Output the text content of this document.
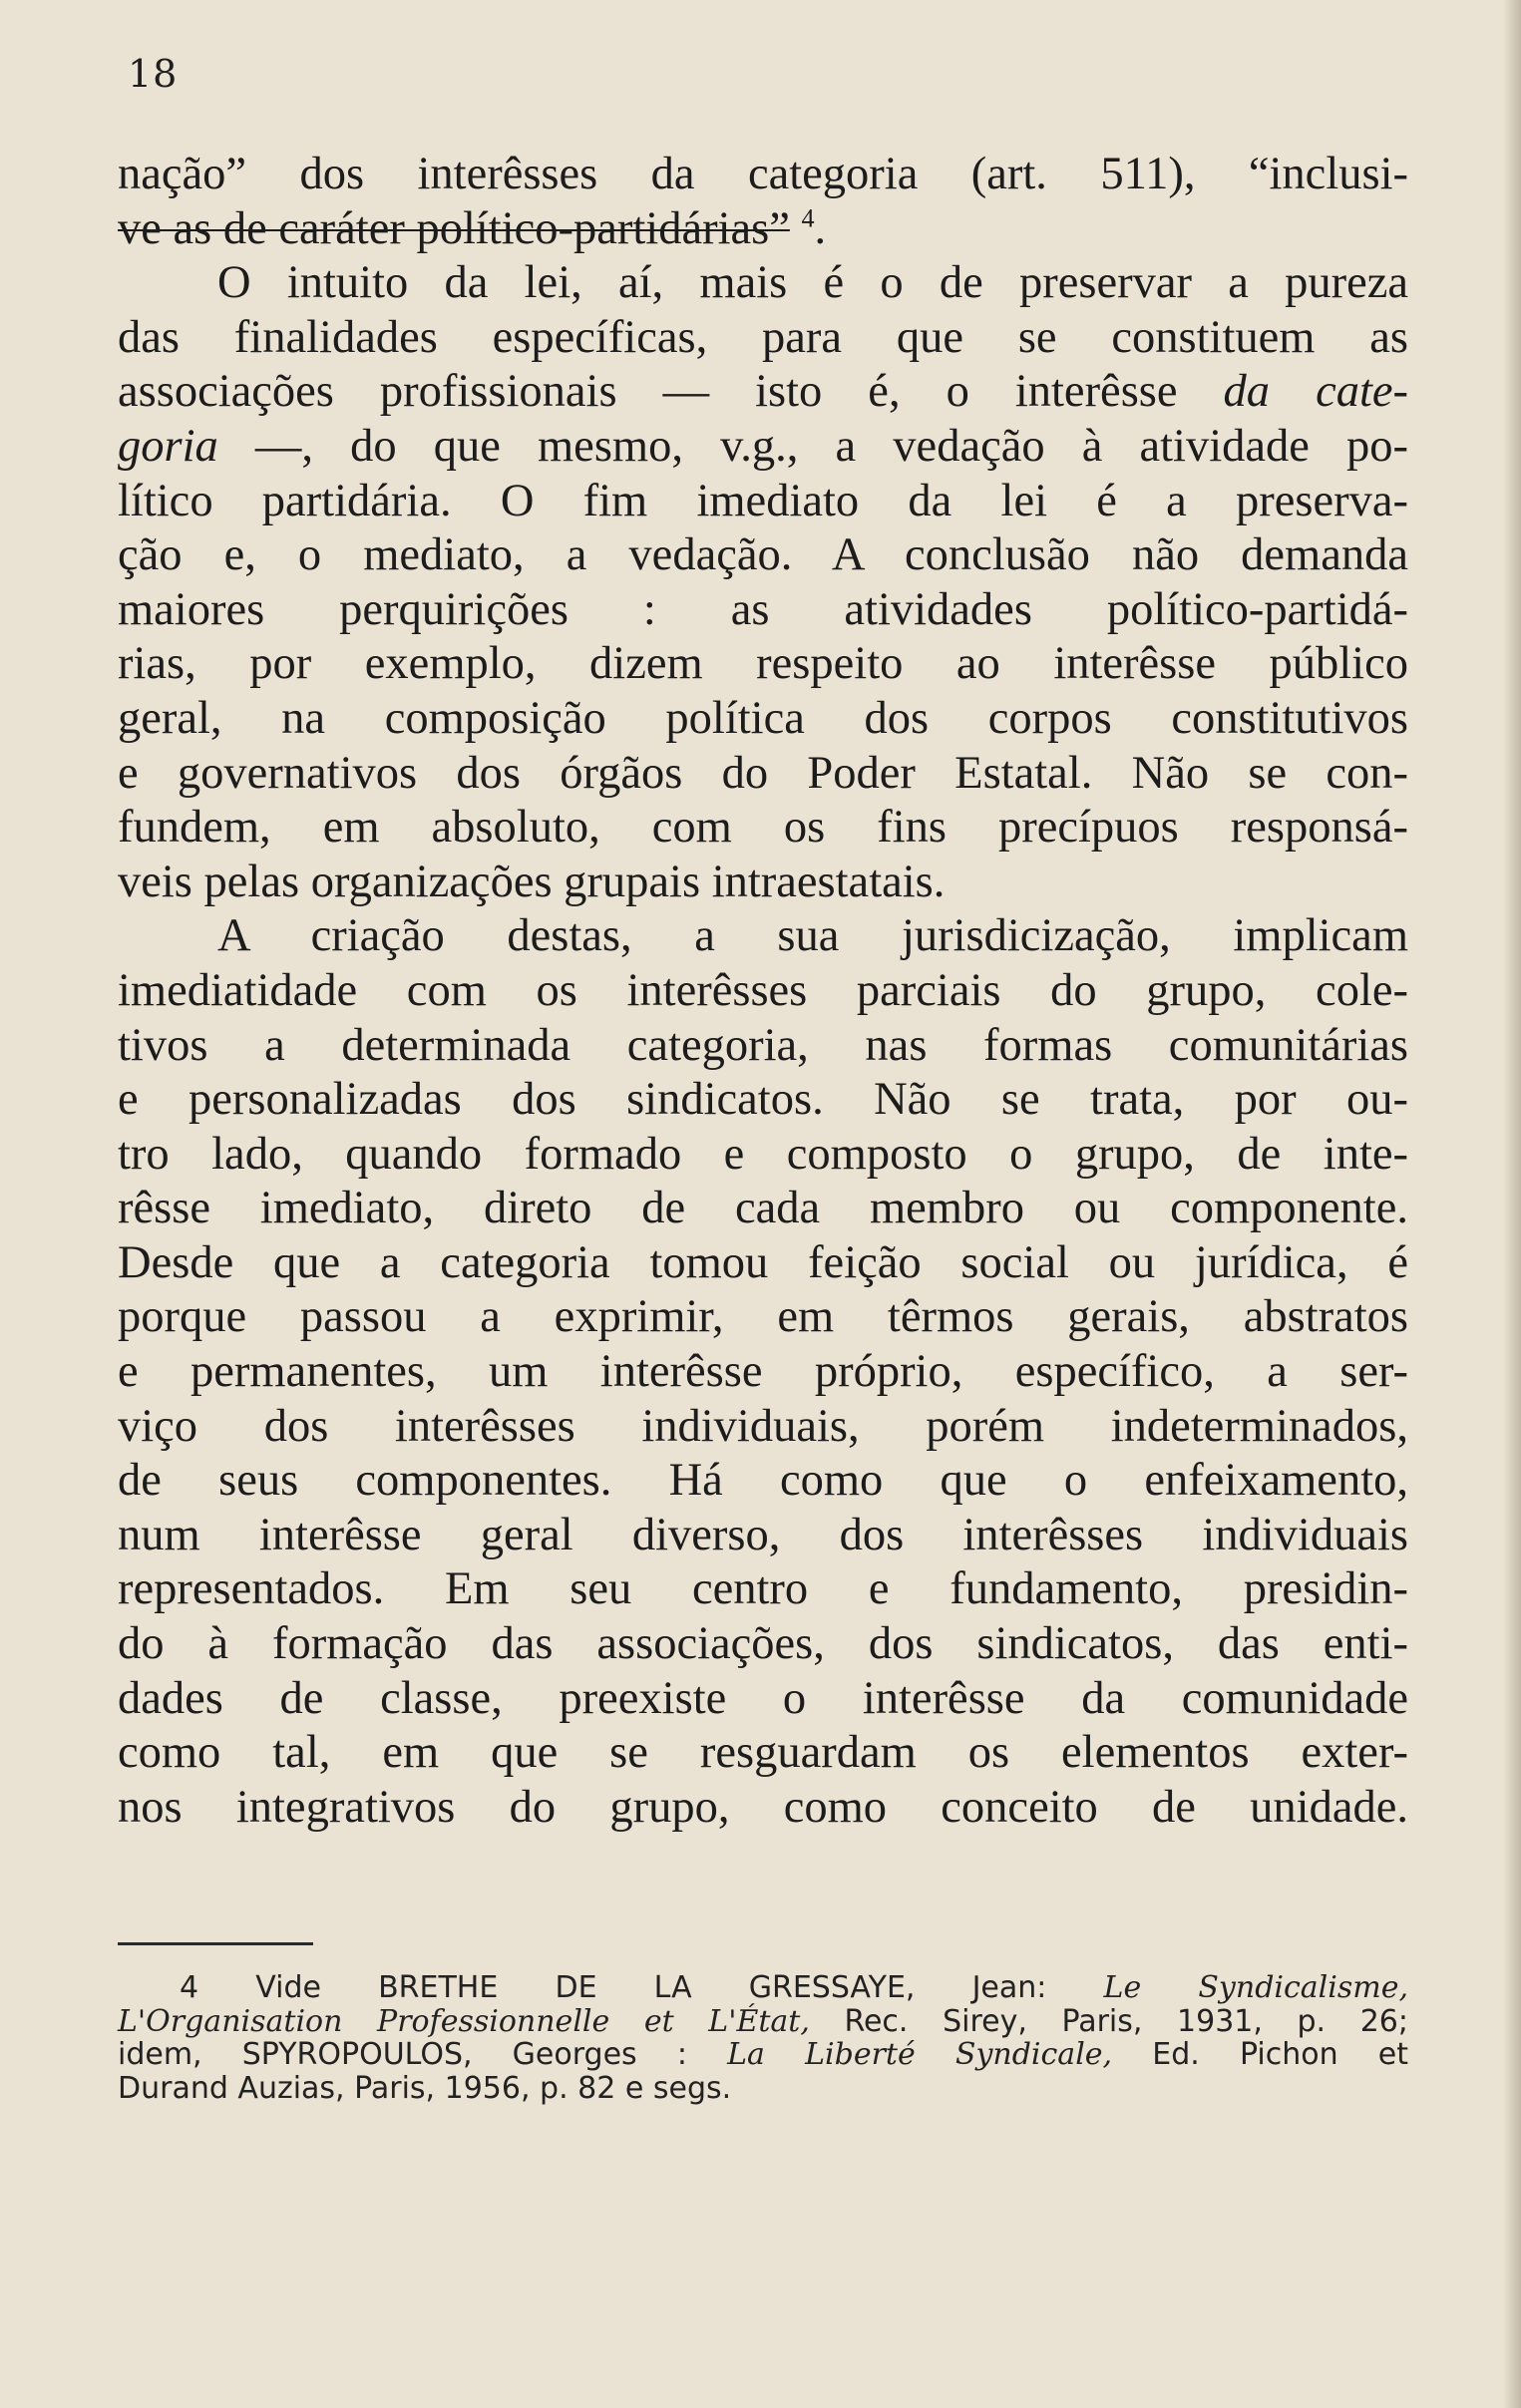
18
nação” dos interêsses da categoria (art. 511), “inclusi-
ve as de caráter político-partidárias” $^4$.
O intuito da lei, aí, mais é o de preservar a pureza
das finalidades específicas, para que se constituem as
associações profissionais — isto é, o interêsse da cate-
goria —, do que mesmo, v.g., a vedação à atividade po-
lítico partidária. O fim imediato da lei é a preserva-
ção e, o mediato, a vedação. A conclusão não demanda
maiores perquirições : as atividades político-partidá-
rias, por exemplo, dizem respeito ao interêsse público
geral, na composição política dos corpos constitutivos
e governativos dos órgãos do Poder Estatal. Não se con-
fundem, em absoluto, com os fins precípuos responsá-
veis pelas organizações grupais intraestatais.
A criação destas, a sua jurisdicização, implicam
imediatidade com os interêsses parciais do grupo, cole-
tivos a determinada categoria, nas formas comunitárias
e personalizadas dos sindicatos. Não se trata, por ou-
tro lado, quando formado e composto o grupo, de inte-
rêsse imediato, direto de cada membro ou componente.
Desde que a categoria tomou feição social ou jurídica, é
porque passou a exprimir, em têrmos gerais, abstratos
e permanentes, um interêsse próprio, específico, a ser-
viço dos interêsses individuais, porém indeterminados,
de seus componentes. Há como que o enfeixamento,
num interêsse geral diverso, dos interêsses individuais
representados. Em seu centro e fundamento, presidin-
do à formação das associações, dos sindicatos, das enti-
dades de classe, preexiste o interêsse da comunidade
como tal, em que se resguardam os elementos exter-
nos integrativos do grupo, como conceito de unidade.
4 Vide BRETHE DE LA GRESSAYE, Jean: Le Syndicalisme,
L'Organisation Professionnelle et L'État, Rec. Sirey, Paris, 1931, p. 26;
idem, SPYROPOULOS, Georges : La Liberté Syndicale, Ed. Pichon et
Durand Auzias, Paris, 1956, p. 82 e segs.
